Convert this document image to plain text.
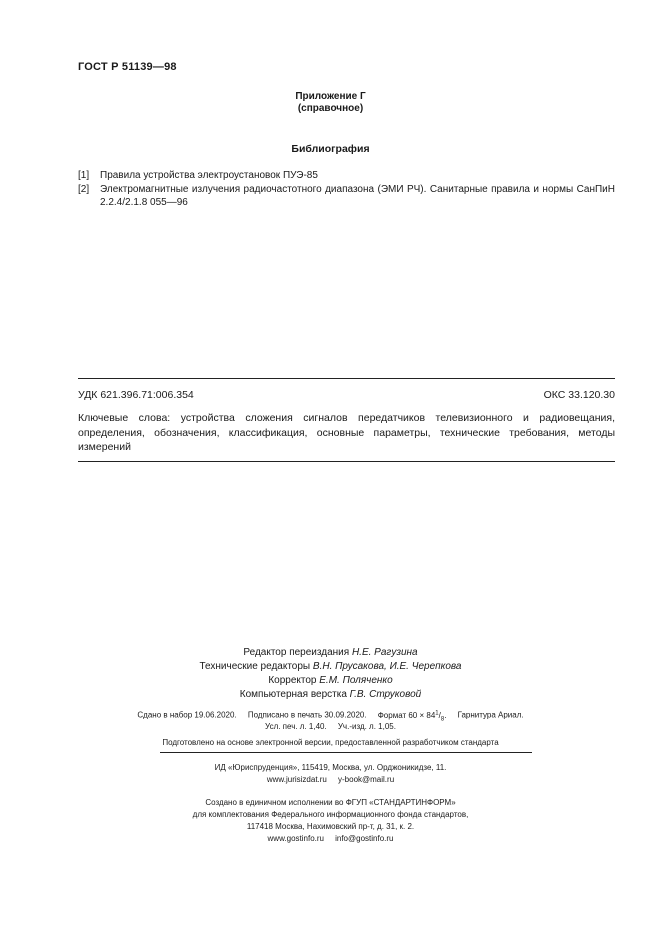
ГОСТ Р 51139—98
Приложение Г
(справочное)
Библиография
[1] Правила устройства электроустановок ПУЭ-85
[2] Электромагнитные излучения радиочастотного диапазона (ЭМИ РЧ). Санитарные правила и нормы СанПиН 2.2.4/2.1.8 055—96
УДК 621.396.71:006.354	ОКС 33.120.30
Ключевые слова: устройства сложения сигналов передатчиков телевизионного и радиовещания, определения, обозначения, классификация, основные параметры, технические требования, методы измерений
Редактор переиздания Н.Е. Рагузина
Технические редакторы В.Н. Прусакова, И.Е. Черепкова
Корректор Е.М. Поляченко
Компьютерная верстка Г.В. Струковой
Сдано в набор 19.06.2020. Подписано в печать 30.09.2020. Формат $60 \times 84^1/_8$. Гарнитура Ариал.
Усл. печ. л. 1,40. Уч.-изд. л. 1,05.
Подготовлено на основе электронной версии, предоставленной разработчиком стандарта
ИД «Юриспруденция», 115419, Москва, ул. Орджоникидзе, 11.
www.jurisizdat.ru y-book@mail.ru
Создано в единичном исполнении во ФГУП «СТАНДАРТИНФОРМ»
для комплектования Федерального информационного фонда стандартов,
117418 Москва, Нахимовский пр-т, д. 31, к. 2.
www.gostinfo.ru info@gostinfo.ru
